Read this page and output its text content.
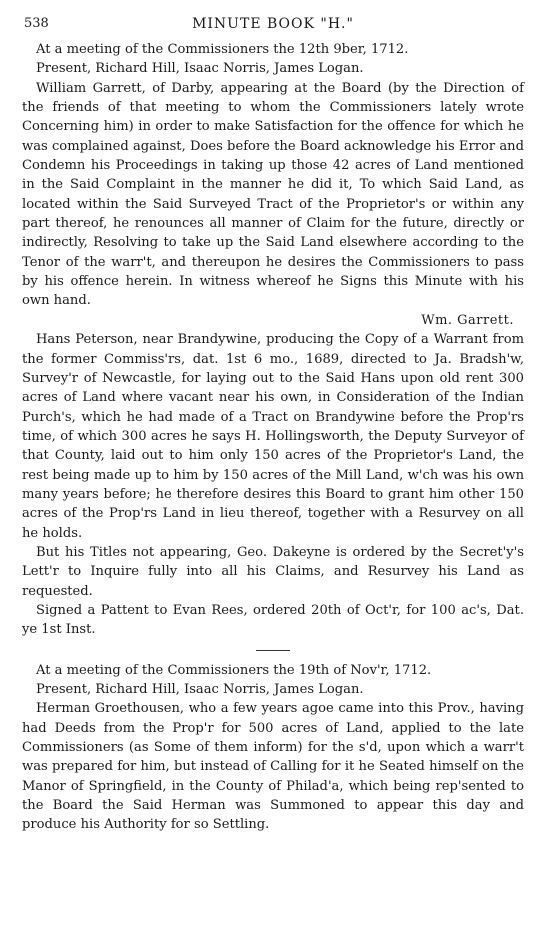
538	MINUTE BOOK "H."

At a meeting of the Commissioners the 12th 9ber, 1712.

Present, Richard Hill, Isaac Norris, James Logan.

William Garrett, of Darby, appearing at the Board (by the Direction of the friends of that meeting to whom the Commissioners lately wrote Concerning him) in order to make Satisfaction for the offence for which he was complained against, Does before the Board acknowledge his Error and Condemn his Proceedings in taking up those 42 acres of Land mentioned in the Said Complaint in the manner he did it, To which Said Land, as located within the Said Surveyed Tract of the Proprietor's or within any part thereof, he renounces all manner of Claim for the future, directly or indirectly, Resolving to take up the Said Land elsewhere according to the Tenor of the warr't, and thereupon he desires the Commissioners to pass by his offence herein. In witness whereof he Signs this Minute with his own hand.

Wm. Garrett.

Hans Peterson, near Brandywine, producing the Copy of a Warrant from the former Commiss'rs, dat. 1st 6 mo., 1689, directed to Ja. Bradsh'w, Survey'r of Newcastle, for laying out to the Said Hans upon old rent 300 acres of Land where vacant near his own, in Consideration of the Indian Purch's, which he had made of a Tract on Brandywine before the Prop'rs time, of which 300 acres he says H. Hollingsworth, the Deputy Surveyor of that County, laid out to him only 150 acres of the Proprietor's Land, the rest being made up to him by 150 acres of the Mill Land, w'ch was his own many years before; he therefore desires this Board to grant him other 150 acres of the Prop'rs Land in lieu thereof, together with a Resurvey on all he holds.

But his Titles not appearing, Geo. Dakeyne is ordered by the Secret'y's Lett'r to Inquire fully into all his Claims, and Resurvey his Land as requested.

Signed a Pattent to Evan Rees, ordered 20th of Oct'r, for 100 ac's, Dat. ye 1st Inst.

At a meeting of the Commissioners the 19th of Nov'r, 1712.

Present, Richard Hill, Isaac Norris, James Logan.

Herman Groethousen, who a few years agoe came into this Prov., having had Deeds from the Prop'r for 500 acres of Land, applied to the late Commissioners (as Some of them inform) for the s'd, upon which a warr't was prepared for him, but instead of Calling for it he Seated himself on the Manor of Springfield, in the County of Philad'a, which being rep'sented to the Board the Said Herman was Summoned to appear this day and produce his Authority for so Settling.
